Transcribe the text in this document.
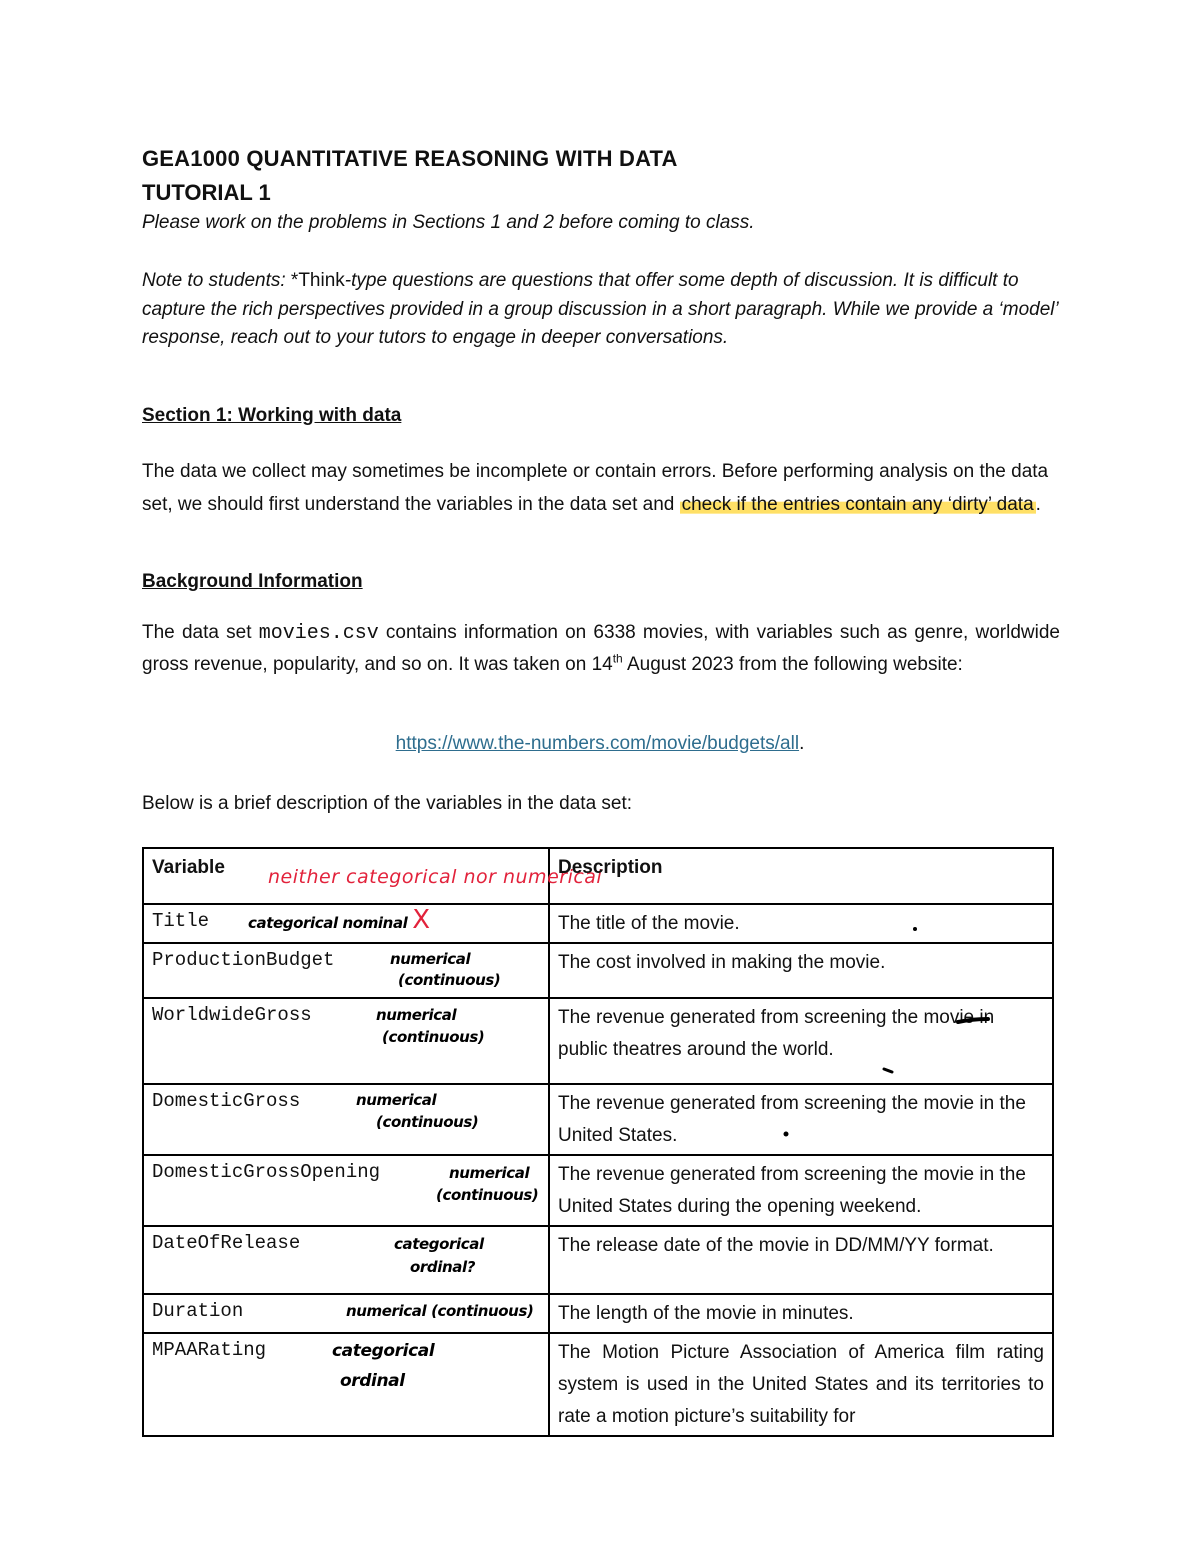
GEA1000 QUANTITATIVE REASONING WITH DATA
TUTORIAL 1
Please work on the problems in Sections 1 and 2 before coming to class.
Note to students: *Think-type questions are questions that offer some depth of discussion. It is difficult to capture the rich perspectives provided in a group discussion in a short paragraph. While we provide a ‘model’ response, reach out to your tutors to engage in deeper conversations.
Section 1: Working with data
The data we collect may sometimes be incomplete or contain errors. Before performing analysis on the data set, we should first understand the variables in the data set and check if the entries contain any ‘dirty’ data .
Background Information
The data set movies.csv contains information on 6338 movies, with variables such as genre, worldwide gross revenue, popularity, and so on. It was taken on 14th August 2023 from the following website:
https://www.the-numbers.com/movie/budgets/all.
Below is a brief description of the variables in the data set:
Variable neither categorical nor numerical	Description

Title categorical nominal X	The title of the movie.

ProductionBudget numerical
(continuous)	The cost involved in making the movie.

WorldwideGross numerical
(continuous)	The revenue generated from screening the movie in public theatres around the world.

DomesticGross numerical
(continuous)	The revenue generated from screening the movie in the United States.

DomesticGrossOpening numerical
(continuous)	The revenue generated from screening the movie in the United States during the opening weekend.

DateOfRelease categorical
ordinal?	The release date of the movie in DD/MM/YY format.

Duration numerical (continuous)	The length of the movie in minutes.

MPAARating categorical
ordinal	The Motion Picture Association of America film rating system is used in the United States and its territories to rate a motion picture’s suitability for
